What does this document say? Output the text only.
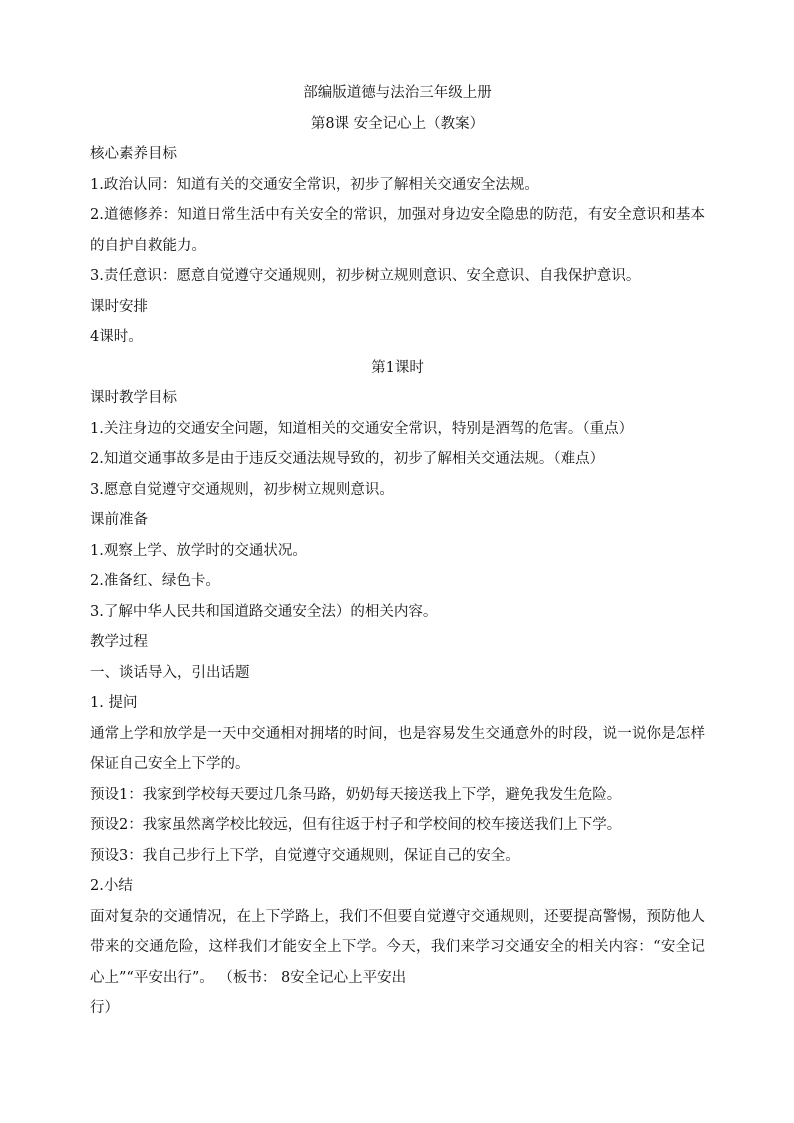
部编版道德与法治三年级上册

第8课 安全记心上（教案）

核心素养目标

1.政治认同：知道有关的交通安全常识，初步了解相关交通安全法规。

2.道德修养：知道日常生活中有关安全的常识，加强对身边安全隐患的防范，有安全意识和基本的自护自救能力。

3.责任意识：愿意自觉遵守交通规则，初步树立规则意识、安全意识、自我保护意识。

课时安排

4课时。

第1课时

课时教学目标

1.关注身边的交通安全问题，知道相关的交通安全常识，特别是酒驾的危害。（重点）

2.知道交通事故多是由于违反交通法规导致的，初步了解相关交通法规。（难点）

3.愿意自觉遵守交通规则，初步树立规则意识。

课前准备

1.观察上学、放学时的交通状况。

2.准备红、绿色卡。

3.了解中华人民共和国道路交通安全法）的相关内容。

教学过程

一、谈话导入，引出话题

1. 提问

通常上学和放学是一天中交通相对拥堵的时间，也是容易发生交通意外的时段，说一说你是怎样保证自己安全上下学的。

预设1：我家到学校每天要过几条马路，奶奶每天接送我上下学，避免我发生危险。

预设2：我家虽然离学校比较远，但有往返于村子和学校间的校车接送我们上下学。

预设3：我自己步行上下学，自觉遵守交通规则，保证自己的安全。

2.小结

面对复杂的交通情况，在上下学路上，我们不但要自觉遵守交通规则，还要提高警惕，预防他人带来的交通危险，这样我们才能安全上下学。今天，我们来学习交通安全的相关内容：“安全记心上”“平安出行”。 （板书： 8安全记心上平安出

行）
